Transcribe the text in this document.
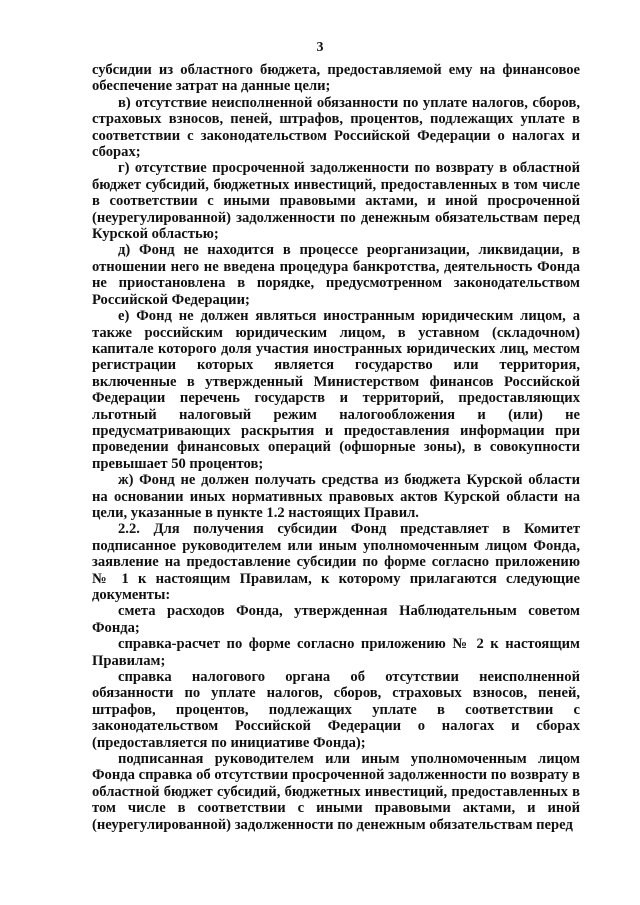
3

субсидии из областного бюджета, предоставляемой ему на финансовое обеспечение затрат на данные цели;

в) отсутствие неисполненной обязанности по уплате налогов, сборов, страховых взносов, пеней, штрафов, процентов, подлежащих уплате в соответствии с законодательством Российской Федерации о налогах и сборах;

г) отсутствие просроченной задолженности по возврату в областной бюджет субсидий, бюджетных инвестиций, предоставленных в том числе в соответствии с иными правовыми актами, и иной просроченной (неурегулированной) задолженности по денежным обязательствам перед Курской областью;

д) Фонд не находится в процессе реорганизации, ликвидации, в отношении него не введена процедура банкротства, деятельность Фонда не приостановлена в порядке, предусмотренном законодательством Российской Федерации;

е) Фонд не должен являться иностранным юридическим лицом, а также российским юридическим лицом, в уставном (складочном) капитале которого доля участия иностранных юридических лиц, местом регистрации которых является государство или территория, включенные в утвержденный Министерством финансов Российской Федерации перечень государств и территорий, предоставляющих льготный налоговый режим налогообложения и (или) не предусматривающих раскрытия и предоставления информации при проведении финансовых операций (офшорные зоны), в совокупности превышает 50 процентов;

ж) Фонд не должен получать средства из бюджета Курской области на основании иных нормативных правовых актов Курской области на цели, указанные в пункте 1.2 настоящих Правил.

2.2. Для получения субсидии Фонд представляет в Комитет подписанное руководителем или иным уполномоченным лицом Фонда, заявление на предоставление субсидии по форме согласно приложению № 1 к настоящим Правилам, к которому прилагаются следующие документы:

смета расходов Фонда, утвержденная Наблюдательным советом Фонда;

справка-расчет по форме согласно приложению № 2 к настоящим Правилам;

справка налогового органа об отсутствии неисполненной обязанности по уплате налогов, сборов, страховых взносов, пеней, штрафов, процентов, подлежащих уплате в соответствии с законодательством Российской Федерации о налогах и сборах (предоставляется по инициативе Фонда);

подписанная руководителем или иным уполномоченным лицом Фонда справка об отсутствии просроченной задолженности по возврату в областной бюджет субсидий, бюджетных инвестиций, предоставленных в том числе в соответствии с иными правовыми актами, и иной (неурегулированной) задолженности по денежным обязательствам перед
